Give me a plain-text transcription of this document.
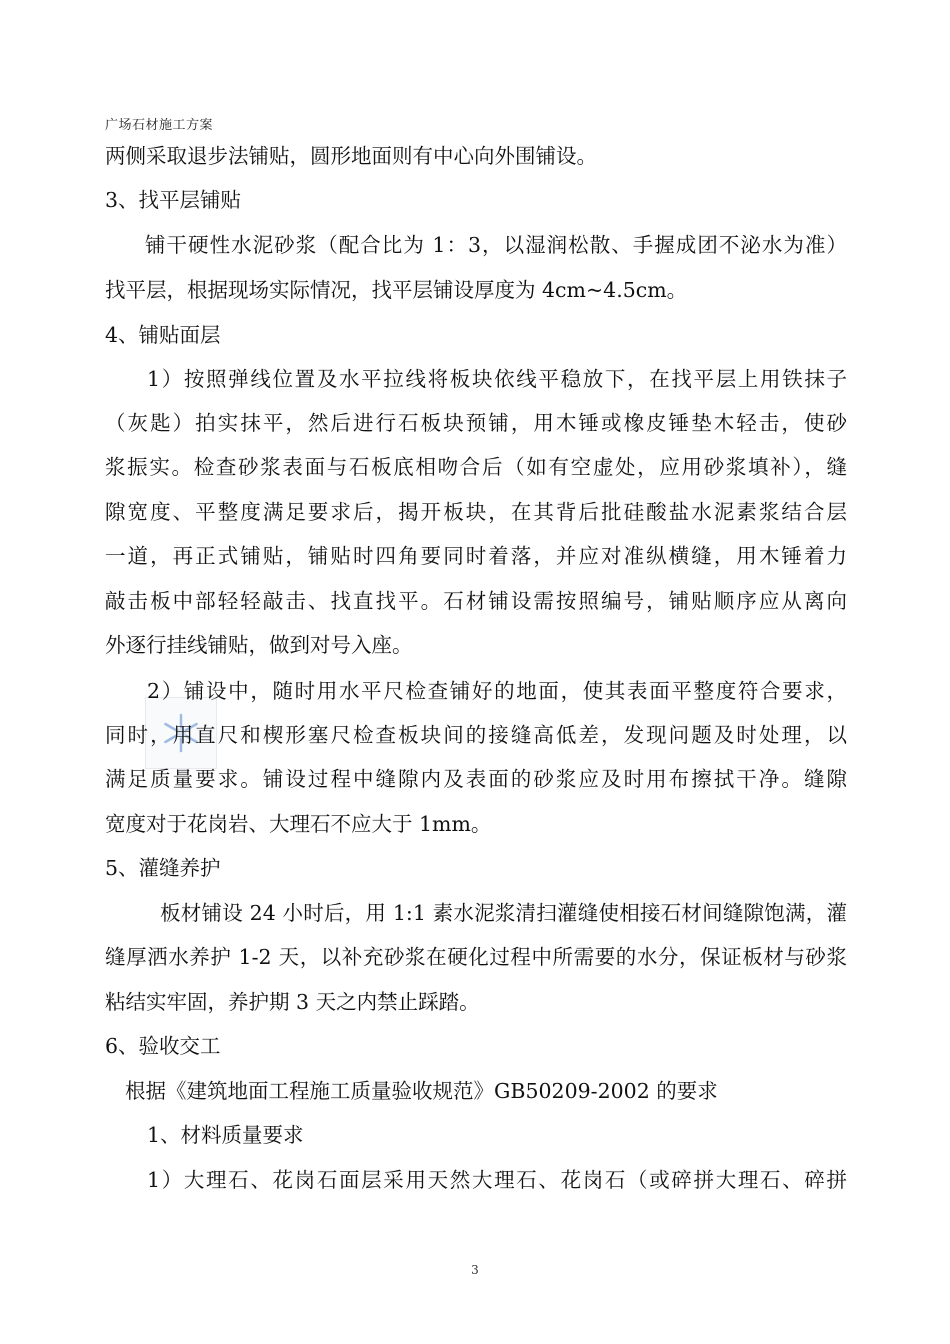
广场石材施工方案
两侧采取退步法铺贴，圆形地面则有中心向外围铺设。
3、找平层铺贴
铺干硬性水泥砂浆（配合比为 1：3，以湿润松散、手握成团不泌水为准）
找平层，根据现场实际情况，找平层铺设厚度为 4cm~4.5cm。
4、铺贴面层
1）按照弹线位置及水平拉线将板块依线平稳放下，在找平层上用铁抹子
（灰匙）拍实抹平，然后进行石板块预铺，用木锤或橡皮锤垫木轻击，使砂
浆振实。检查砂浆表面与石板底相吻合后（如有空虚处，应用砂浆填补），缝
隙宽度、平整度满足要求后，揭开板块，在其背后批硅酸盐水泥素浆结合层
一道，再正式铺贴，铺贴时四角要同时着落，并应对准纵横缝，用木锤着力
敲击板中部轻轻敲击、找直找平。石材铺设需按照编号，铺贴顺序应从离向
外逐行挂线铺贴，做到对号入座。
2）铺设中，随时用水平尺检查铺好的地面，使其表面平整度符合要求，
同时，用直尺和楔形塞尺检查板块间的接缝高低差，发现问题及时处理，以
满足质量要求。铺设过程中缝隙内及表面的砂浆应及时用布擦拭干净。缝隙
宽度对于花岗岩、大理石不应大于 1mm。
5、灌缝养护
板材铺设 24 小时后，用 1:1 素水泥浆清扫灌缝使相接石材间缝隙饱满，灌
缝厚洒水养护 1-2 天，以补充砂浆在硬化过程中所需要的水分，保证板材与砂浆
粘结实牢固，养护期 3 天之内禁止踩踏。
6、验收交工
根据《建筑地面工程施工质量验收规范》GB50209-2002 的要求
1、材料质量要求
1）大理石、花岗石面层采用天然大理石、花岗石（或碎拼大理石、碎拼
3
